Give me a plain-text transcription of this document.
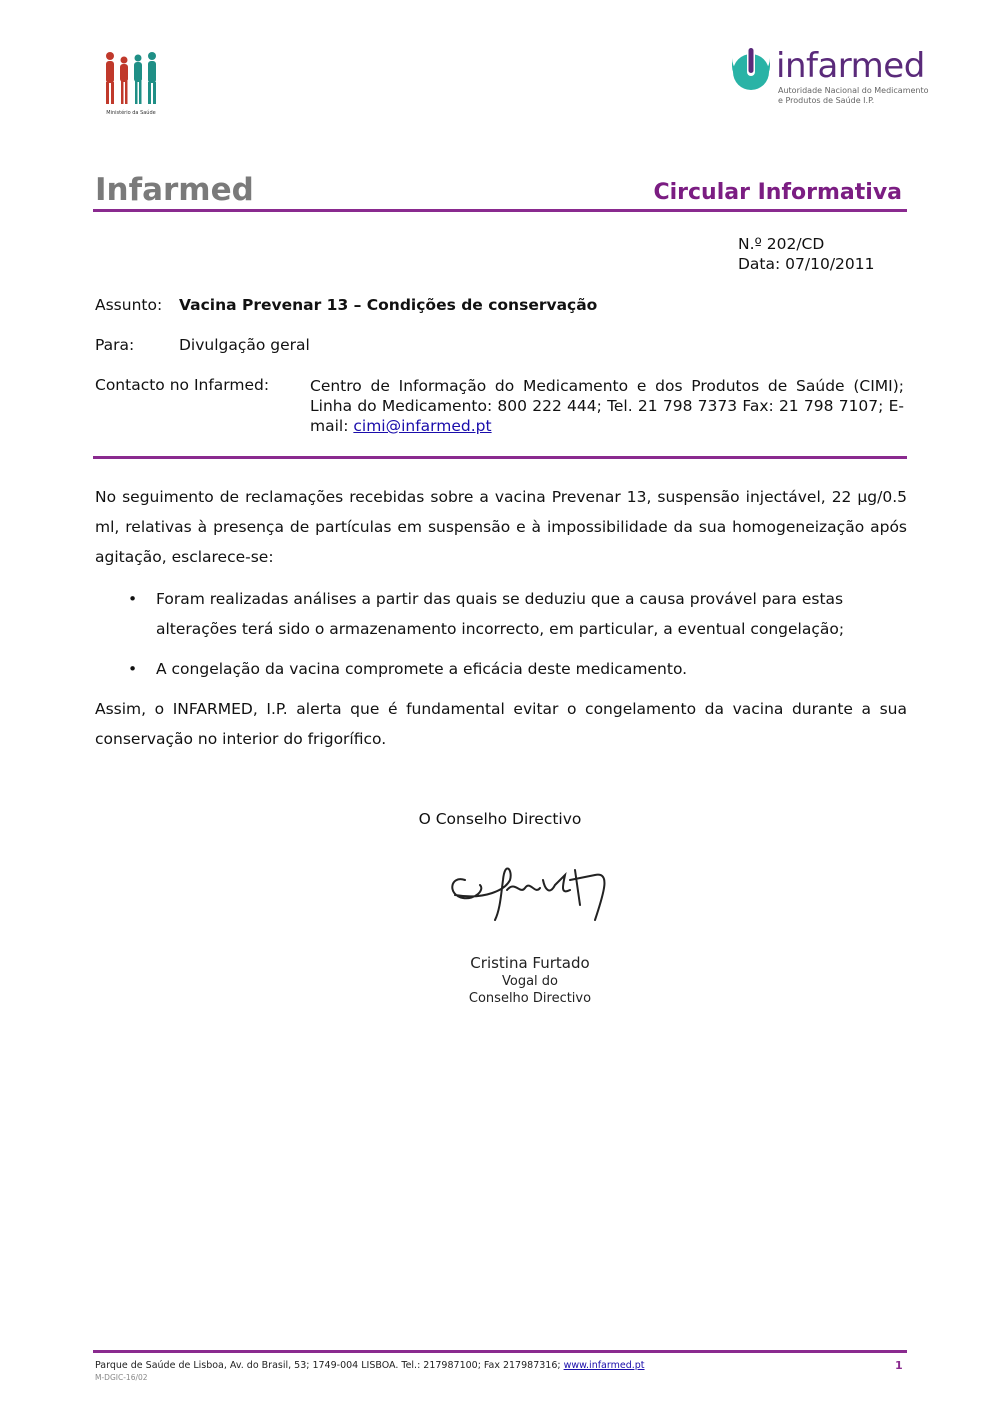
Ministério da Saúde
infarmed
Autoridade Nacional do Medicamento
e Produtos de Saúde I.P.
Infarmed	Circular Informativa
N.º 202/CD
Data: 07/10/2011
Assunto: Vacina Prevenar 13 – Condições de conservação
Para:	Divulgação geral
Contacto no Infarmed:	Centro de Informação do Medicamento e dos Produtos de Saúde (CIMI); Linha do Medicamento: 800 222 444; Tel. 21 798 7373 Fax: 21 798 7107; E-mail: cimi@infarmed.pt
No seguimento de reclamações recebidas sobre a vacina Prevenar 13, suspensão injectável, 22 µg/0.5 ml, relativas à presença de partículas em suspensão e à impossibilidade da sua homogeneização após agitação, esclarece-se:
• Foram realizadas análises a partir das quais se deduziu que a causa provável para estas alterações terá sido o armazenamento incorrecto, em particular, a eventual congelação;
• A congelação da vacina compromete a eficácia deste medicamento.
Assim, o INFARMED, I.P. alerta que é fundamental evitar o congelamento da vacina durante a sua conservação no interior do frigorífico.
O Conselho Directivo
Cristina Furtado
Vogal do
Conselho Directivo
Parque de Saúde de Lisboa, Av. do Brasil, 53; 1749-004 LISBOA. Tel.: 217987100; Fax 217987316; www.infarmed.pt
M-DGIC-16/02
1
